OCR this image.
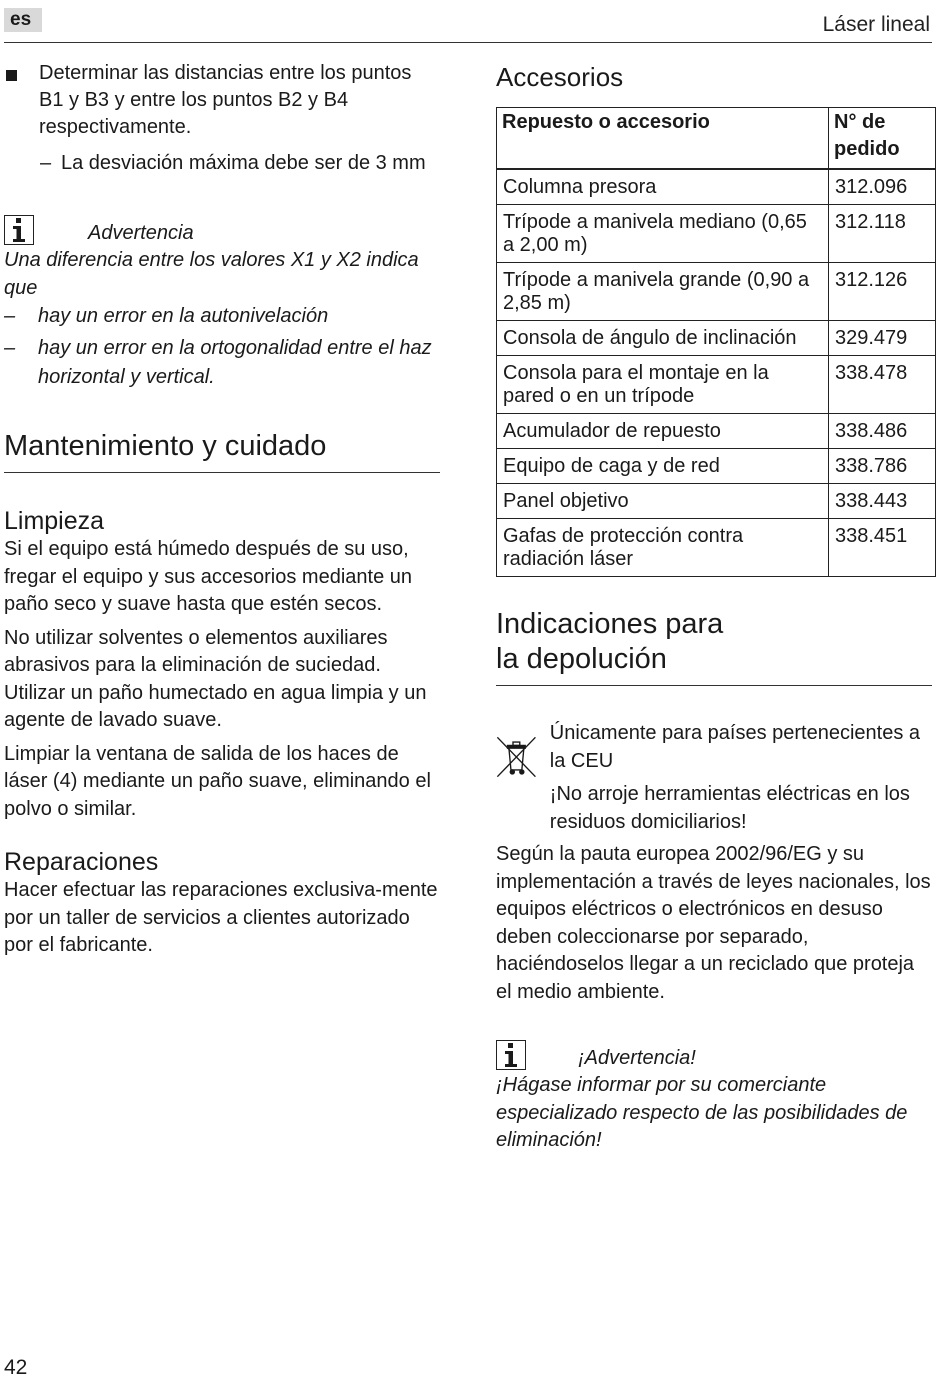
es	Láser lineal
Determinar las distancias entre los puntos B1 y B3 y entre los puntos B2 y B4 respectivamente.
– La desviación máxima debe ser de 3 mm
Advertencia

Una diferencia entre los valores X1 y X2 indica que

– hay un error en la autonivelación
– hay un error en la ortogonalidad entre el haz horizontal y vertical.
Mantenimiento y cuidado
Limpieza

Si el equipo está húmedo después de su uso, fregar el equipo y sus accesorios mediante un paño seco y suave hasta que estén secos.

No utilizar solventes o elementos auxiliares abrasivos para la eliminación de suciedad. Utilizar un paño humectado en agua limpia y un agente de lavado suave.

Limpiar la ventana de salida de los haces de láser (4) mediante un paño suave, eliminando el polvo o similar.

Reparaciones

Hacer efectuar las reparaciones exclusiva-mente por un taller de servicios a clientes autorizado por el fabricante.

Accesorios
Repuesto o accesorio	N° de pedido
Columna presora	312.096
Trípode a manivela mediano (0,65 a 2,00 m)	312.118
Trípode a manivela grande (0,90 a 2,85 m)	312.126
Consola de ángulo de inclinación	329.479
Consola para el montaje en la pared o en un trípode	338.478
Acumulador de repuesto	338.486
Equipo de caga y de red	338.786
Panel objetivo	338.443
Gafas de protección contra radiación láser	338.451
Indicaciones para
la depolución

Únicamente para países pertenecientes a la CEU

¡No arroje herramientas eléctricas en los residuos domiciliarios!

Según la pauta europea 2002/96/EG y su implementación a través de leyes nacionales, los equipos eléctricos o electrónicos en desuso deben coleccionarse por separado, haciéndoselos llegar a un reciclado que proteja el medio ambiente.

¡Advertencia!

¡Hágase informar por su comerciante especializado respecto de las posibilidades de eliminación!

42
